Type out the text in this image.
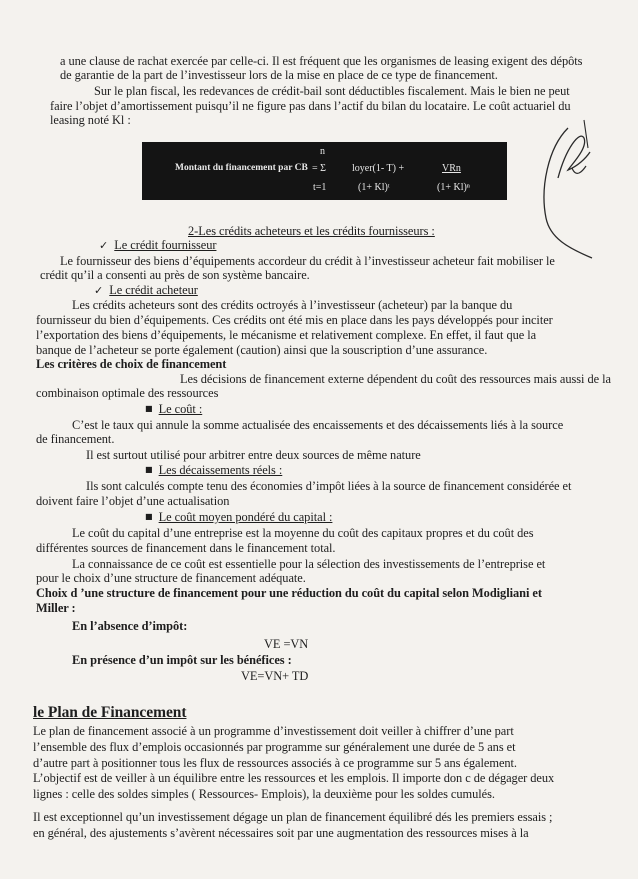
a une clause de rachat exercée par celle-ci. Il est fréquent que les organismes de leasing exigent des dépôts
de garantie de la part de l’investisseur lors de la mise en place de ce type de financement.
Sur le plan fiscal, les redevances de crédit-bail sont déductibles fiscalement. Mais le bien ne peut
faire l’objet d’amortissement puisqu’il ne figure pas dans l’actif du bilan du locataire. Le coût actuariel du
leasing noté Kl :
Montant du financement par CB
n
= Σ	loyer(1- T) +	VRn
t=1	(1+ Kl)ᵗ	(1+ Kl)ⁿ
2-Les crédits acheteurs et les crédits fournisseurs :
✓ Le crédit fournisseur
Le fournisseur des biens d’équipements accordeur du crédit à l’investisseur acheteur fait mobiliser le
crédit qu’il a consenti au près de son système bancaire.
✓ Le crédit acheteur
Les crédits acheteurs sont des crédits octroyés à l’investisseur (acheteur) par la banque du
fournisseur du bien d’équipements. Ces crédits ont été mis en place dans les pays développés pour inciter
l’exportation des biens d’équipements, le mécanisme et relativement complexe. En effet, il faut que la
banque de l’acheteur se porte également (caution) ainsi que la souscription d’une assurance.
Les critères de choix de financement
Les décisions de financement externe dépendent du coût des ressources mais aussi de la
combinaison optimale des ressources
■ Le coût :
C’est le taux qui annule la somme actualisée des encaissements et des décaissements liés à la source
de financement.
Il est surtout utilisé pour arbitrer entre deux sources de même nature
■ Les décaissements réels :
Ils sont calculés compte tenu des économies d’impôt liées à la source de financement considérée et
doivent faire l’objet d’une actualisation
■ Le coût moyen pondéré du capital :
Le coût du capital d’une entreprise est la moyenne du coût des capitaux propres et du coût des
différentes sources de financement dans le financement total.
La connaissance de ce coût est essentielle pour la sélection des investissements de l’entreprise et
pour le choix d’une structure de financement adéquate.
Choix d ’une structure de financement pour une réduction du coût du capital selon Modigliani et
Miller :
En l’absence d’impôt:
VE =VN
En présence d’un impôt sur les bénéfices :
VE=VN+ TD
le Plan de Financement
Le plan de financement associé à un programme d’investissement doit veiller à chiffrer d’une part
l’ensemble des flux d’emplois occasionnés par programme sur généralement une durée de 5 ans et
d’autre part à positionner tous les flux de ressources associés à ce programme sur 5 ans également.
L’objectif est de veiller à un équilibre entre les ressources et les emplois. Il importe don c de dégager deux
lignes : celle des soldes simples ( Ressources- Emplois), la deuxième pour les soldes cumulés.
Il est exceptionnel qu’un investissement dégage un plan de financement équilibré dés les premiers essais ;
en général, des ajustements s’avèrent nécessaires soit par une augmentation des ressources mises à la
